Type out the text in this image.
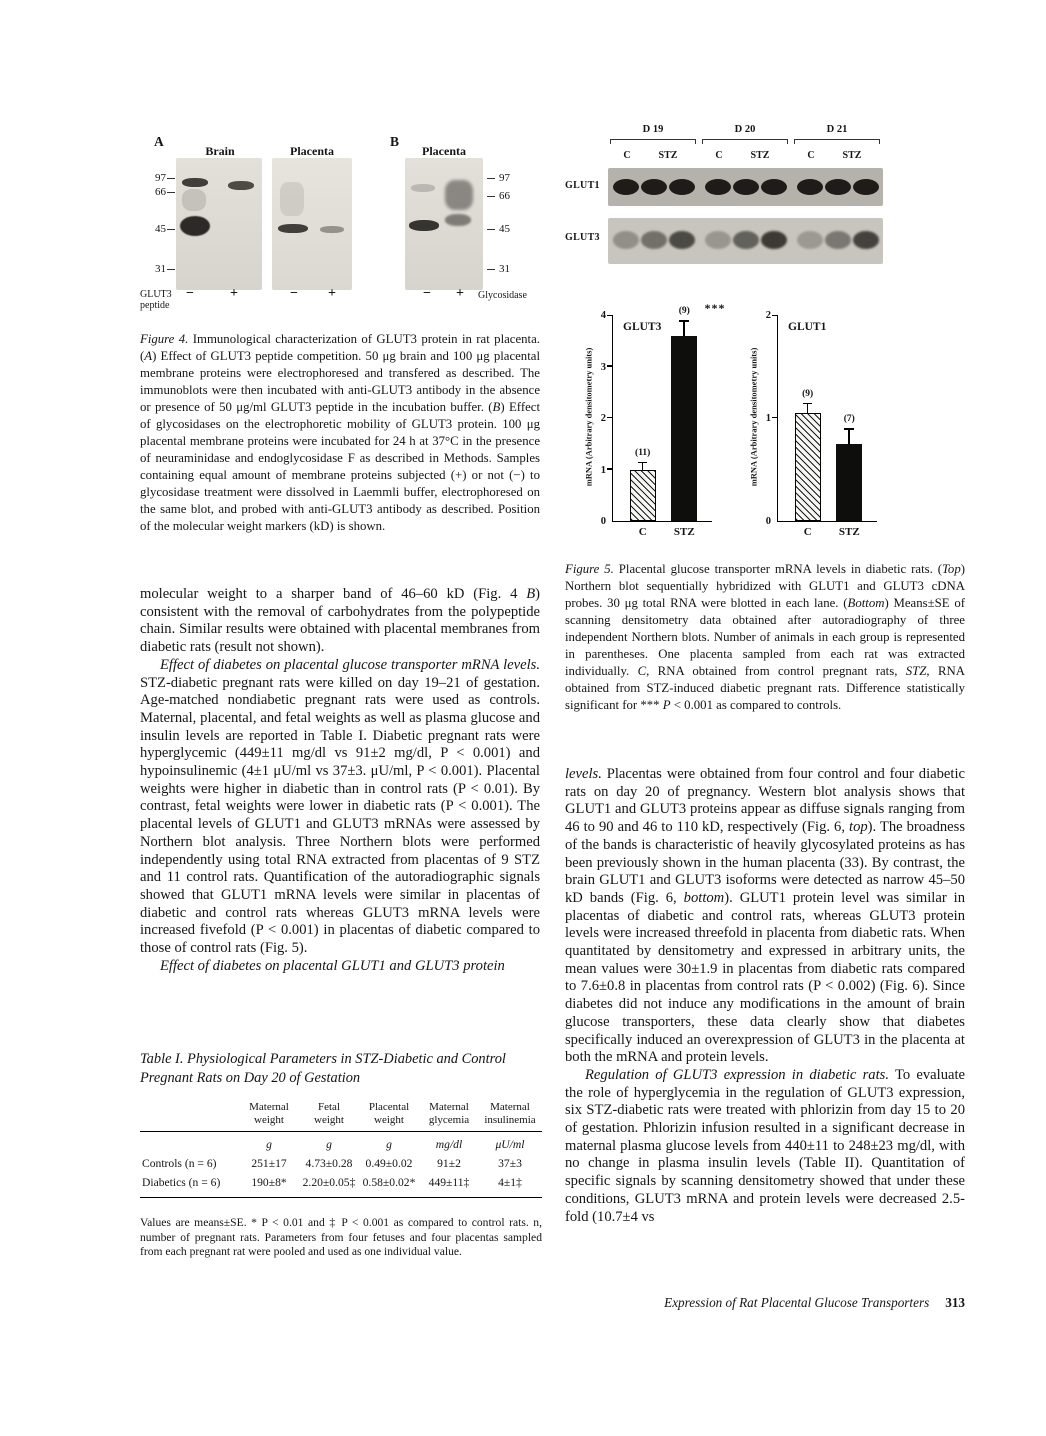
A
Brain	Placenta
B
Placenta
97
66
45
31
97
66
45
31
GLUT3
peptide
−	+	− +	− + Glycosidase

Figure 4. Immunological characterization of GLUT3 protein in rat placenta. (A) Effect of GLUT3 peptide competition. 50 μg brain and 100 μg placental membrane proteins were electrophoresed and transfered as described. The immunoblots were then incubated with anti-GLUT3 antibody in the absence or presence of 50 μg/ml GLUT3 peptide in the incubation buffer. (B) Effect of glycosidases on the electrophoretic mobility of GLUT3 protein. 100 μg placental membrane proteins were incubated for 24 h at 37°C in the presence of neuraminidase and endoglycosidase F as described in Methods. Samples containing equal amount of membrane proteins subjected (+) or not (−) to glycosidase treatment were dissolved in Laemmli buffer, electrophoresed on the same blot, and probed with anti-GLUT3 antibody as described. Position of the molecular weight markers (kD) is shown.

D 19	D 20	D 21
C	STZ	C	STZ	C	STZ
GLUT1
GLUT3
mRNA (Arbitrary densitometry units)
GLUT3
0
1
2
3
4
(11)
(9) ***
C STZ
mRNA (Arbitrary densitometry units)
GLUT1
0
1
2
(9)
(7)
C STZ

Figure 5. Placental glucose transporter mRNA levels in diabetic rats. (Top) Northern blot sequentially hybridized with GLUT1 and GLUT3 cDNA probes. 30 μg total RNA were blotted in each lane. (Bottom) Means±SE of scanning densitometry data obtained after autoradiography of three independent Northern blots. Number of animals in each group is represented in parentheses. One placenta sampled from each rat was extracted individually. C, RNA obtained from control pregnant rats, STZ, RNA obtained from STZ-induced diabetic pregnant rats. Difference statistically significant for *** P < 0.001 as compared to controls.

molecular weight to a sharper band of 46–60 kD (Fig. 4 B) consistent with the removal of carbohydrates from the polypeptide chain. Similar results were obtained with placental membranes from diabetic rats (result not shown).

Effect of diabetes on placental glucose transporter mRNA levels. STZ-diabetic pregnant rats were killed on day 19–21 of gestation. Age-matched nondiabetic pregnant rats were used as controls. Maternal, placental, and fetal weights as well as plasma glucose and insulin levels are reported in Table I. Diabetic pregnant rats were hyperglycemic (449±11 mg/dl vs 91±2 mg/dl, P < 0.001) and hypoinsulinemic (4±1 μU/ml vs 37±3. μU/ml, P < 0.001). Placental weights were higher in diabetic than in control rats (P < 0.01). By contrast, fetal weights were lower in diabetic rats (P < 0.001). The placental levels of GLUT1 and GLUT3 mRNAs were assessed by Northern blot analysis. Three Northern blots were performed independently using total RNA extracted from placentas of 9 STZ and 11 control rats. Quantification of the autoradiographic signals showed that GLUT1 mRNA levels were similar in placentas of diabetic and control rats whereas GLUT3 mRNA levels were increased fivefold (P < 0.001) in placentas of diabetic compared to those of control rats (Fig. 5).

Effect of diabetes on placental GLUT1 and GLUT3 protein

Table I. Physiological Parameters in STZ-Diabetic and Control Pregnant Rats on Day 20 of Gestation

	Maternal weight	Fetal weight	Placental weight	Maternal glycemia	Maternal insulinemia
	g	g	g	mg/dl	μU/ml
Controls (n = 6)	251±17	4.73±0.28	0.49±0.02	91±2	37±3
Diabetics (n = 6)	190±8*	2.20±0.05‡	0.58±0.02*	449±11‡	4±1‡

Values are means±SE. * P < 0.01 and ‡ P < 0.001 as compared to control rats. n, number of pregnant rats. Parameters from four fetuses and four placentas sampled from each pregnant rat were pooled and used as one individual value.

levels. Placentas were obtained from four control and four diabetic rats on day 20 of pregnancy. Western blot analysis shows that GLUT1 and GLUT3 proteins appear as diffuse signals ranging from 46 to 90 and 46 to 110 kD, respectively (Fig. 6, top). The broadness of the bands is characteristic of heavily glycosylated proteins as has been previously shown in the human placenta (33). By contrast, the brain GLUT1 and GLUT3 isoforms were detected as narrow 45–50 kD bands (Fig. 6, bottom). GLUT1 protein level was similar in placentas of diabetic and control rats, whereas GLUT3 protein levels were increased threefold in placenta from diabetic rats. When quantitated by densitometry and expressed in arbitrary units, the mean values were 30±1.9 in placentas from diabetic rats compared to 7.6±0.8 in placentas from control rats (P < 0.002) (Fig. 6). Since diabetes did not induce any modifications in the amount of brain glucose transporters, these data clearly show that diabetes specifically induced an overexpression of GLUT3 in the placenta at both the mRNA and protein levels.

Regulation of GLUT3 expression in diabetic rats. To evaluate the role of hyperglycemia in the regulation of GLUT3 expression, six STZ-diabetic rats were treated with phlorizin from day 15 to 20 of gestation. Phlorizin infusion resulted in a significant decrease in maternal plasma glucose levels from 440±11 to 248±23 mg/dl, with no change in plasma insulin levels (Table II). Quantitation of specific signals by scanning densitometry showed that under these conditions, GLUT3 mRNA and protein levels were decreased 2.5-fold (10.7±4 vs

Expression of Rat Placental Glucose Transporters 313
